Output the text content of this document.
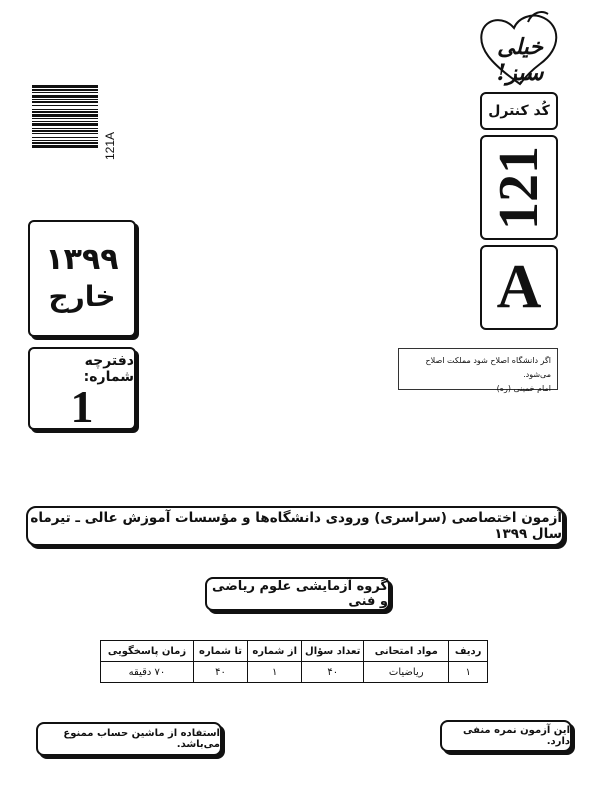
خیلی سبز!
121A
کُد کنترل
121
A
۱۳۹۹
خارج
دفترچه شماره:
1
اگر دانشگاه اصلاح شود مملکت اصلاح می‌شود.
امام خمینی (ره)
آزمون اختصاصی (سراسری) ورودی دانشگاه‌ها و مؤسسات آموزش عالی ـ تیرماه سال ۱۳۹۹
گروه آزمایشی علوم ریاضی و فنی
ردیف	مواد امتحانی	تعداد سؤال	از شماره	تا شماره	زمان پاسخگویی
۱	ریاضیات	۴۰	۱	۴۰	۷۰ دقیقه
این آزمون نمره منفی دارد.
استفاده از ماشین حساب ممنوع می‌باشد.
